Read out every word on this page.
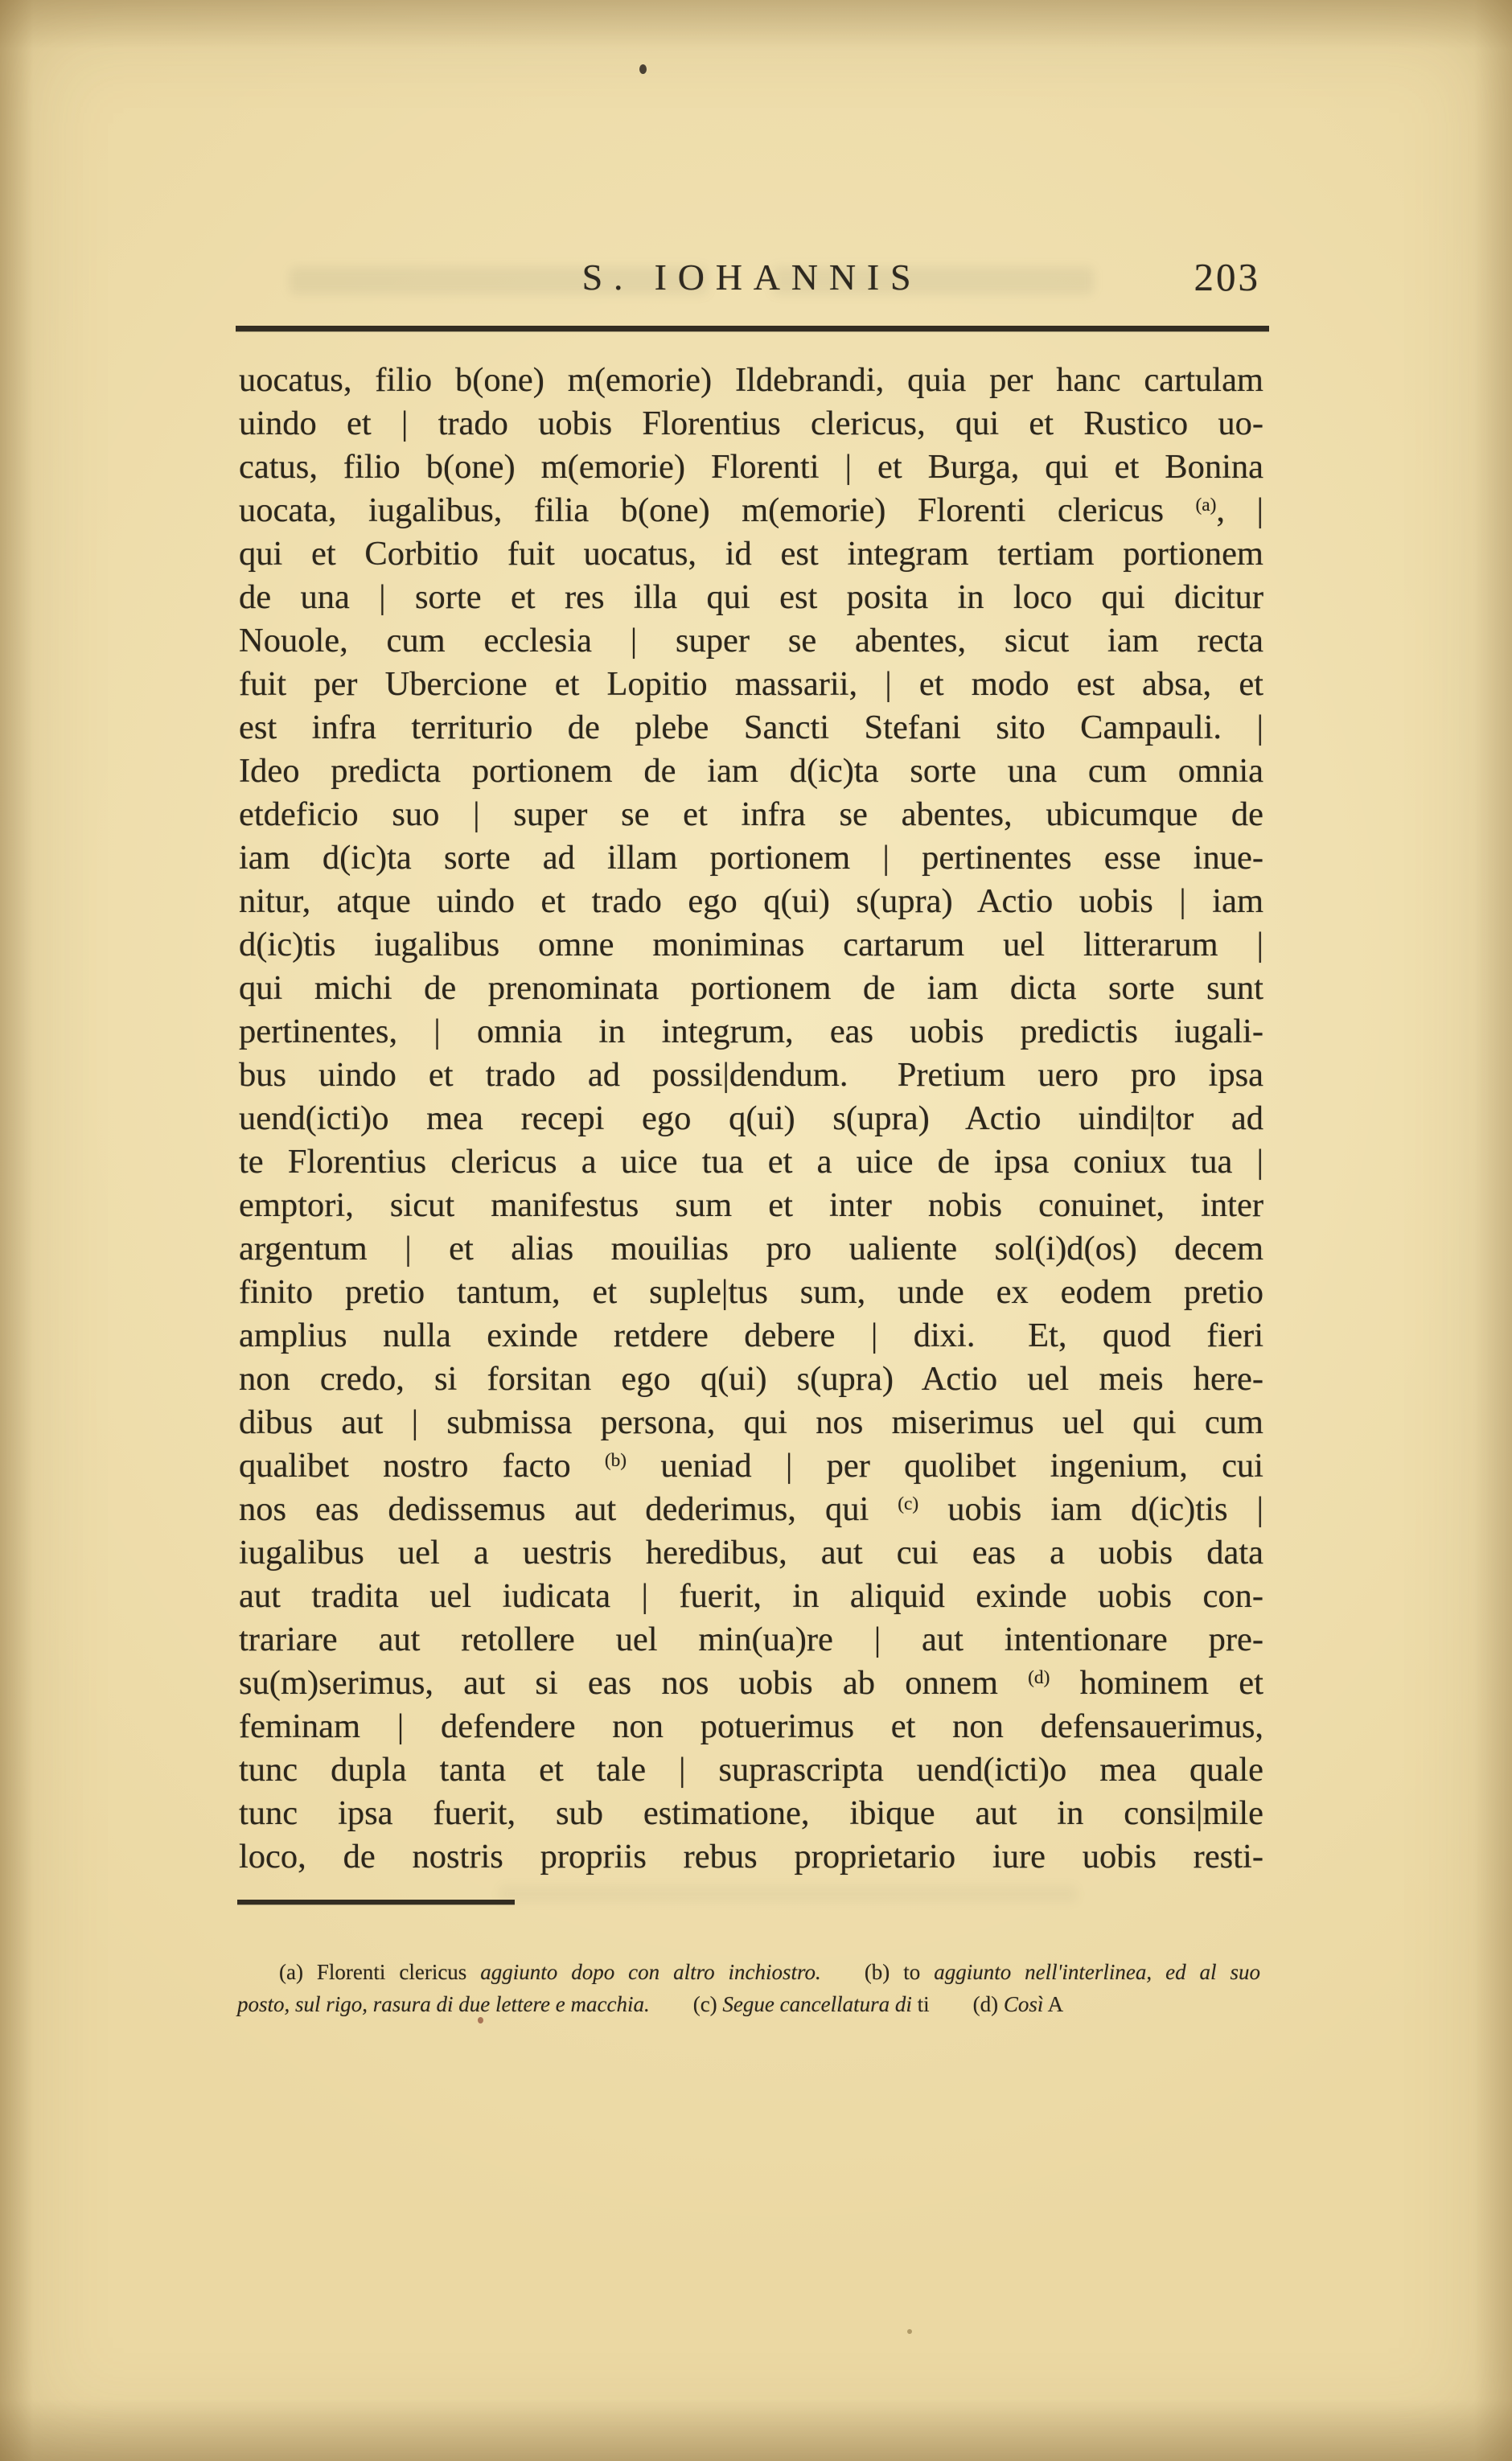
S. IOHANNIS	203
uocatus, filio b(one) m(emorie) Ildebrandi, quia per hanc cartulam
uindo et | trado uobis Florentius clericus, qui et Rustico uo-
catus, filio b(one) m(emorie) Florenti | et Burga, qui et Bonina
uocata, iugalibus, filia b(one) m(emorie) Florenti clericus $^{(a)}$, |
qui et Corbitio fuit uocatus, id est integram tertiam portionem
de una | sorte et res illa qui est posita in loco qui dicitur
Nouole, cum ecclesia | super se abentes, sicut iam recta
fuit per Ubercione et Lopitio massarii, | et modo est absa, et
est infra territurio de plebe Sancti Stefani sito Campauli. |
Ideo predicta portionem de iam d(ic)ta sorte una cum omnia
etdeficio suo | super se et infra se abentes, ubicumque de
iam d(ic)ta sorte ad illam portionem | pertinentes esse inue-
nitur, atque uindo et trado ego q(ui) s(upra) Actio uobis | iam
d(ic)tis iugalibus omne moniminas cartarum uel litterarum |
qui michi de prenominata portionem de iam dicta sorte sunt
pertinentes, | omnia in integrum, eas uobis predictis iugali-
bus uindo et trado ad possi|dendum.  Pretium uero pro ipsa
uend(icti)o mea recepi ego q(ui) s(upra) Actio uindi|tor ad
te Florentius clericus a uice tua et a uice de ipsa coniux tua |
emptori, sicut manifestus sum et inter nobis conuinet, inter
argentum | et alias mouilias pro ualiente sol(i)d(os) decem
finito pretio tantum, et suple|tus sum, unde ex eodem pretio
amplius nulla exinde retdere debere | dixi.  Et, quod fieri
non credo, si forsitan ego q(ui) s(upra) Actio uel meis here-
dibus aut | submissa persona, qui nos miserimus uel qui cum
qualibet nostro facto $^{(b)}$ ueniad | per quolibet ingenium, cui
nos eas dedissemus aut dederimus, qui $^{(c)}$ uobis iam d(ic)tis |
iugalibus uel a uestris heredibus, aut cui eas a uobis data
aut tradita uel iudicata | fuerit, in aliquid exinde uobis con-
trariare aut retollere uel min(ua)re | aut intentionare pre-
su(m)serimus, aut si eas nos uobis ab onnem $^{(d)}$ hominem et
feminam | defendere non potuerimus et non defensauerimus,
tunc dupla tanta et tale | suprascripta uend(icti)o mea quale
tunc ipsa fuerit, sub estimatione, ibique aut in consi|mile
loco, de nostris propriis rebus proprietario iure uobis resti-

(a) Florenti clericus aggiunto dopo con altro inchiostro.  (b) to aggiunto nell'interlinea, ed al suo

posto, sul rigo, rasura di due lettere e macchia.  (c) Segue cancellatura di ti  (d) Così A
